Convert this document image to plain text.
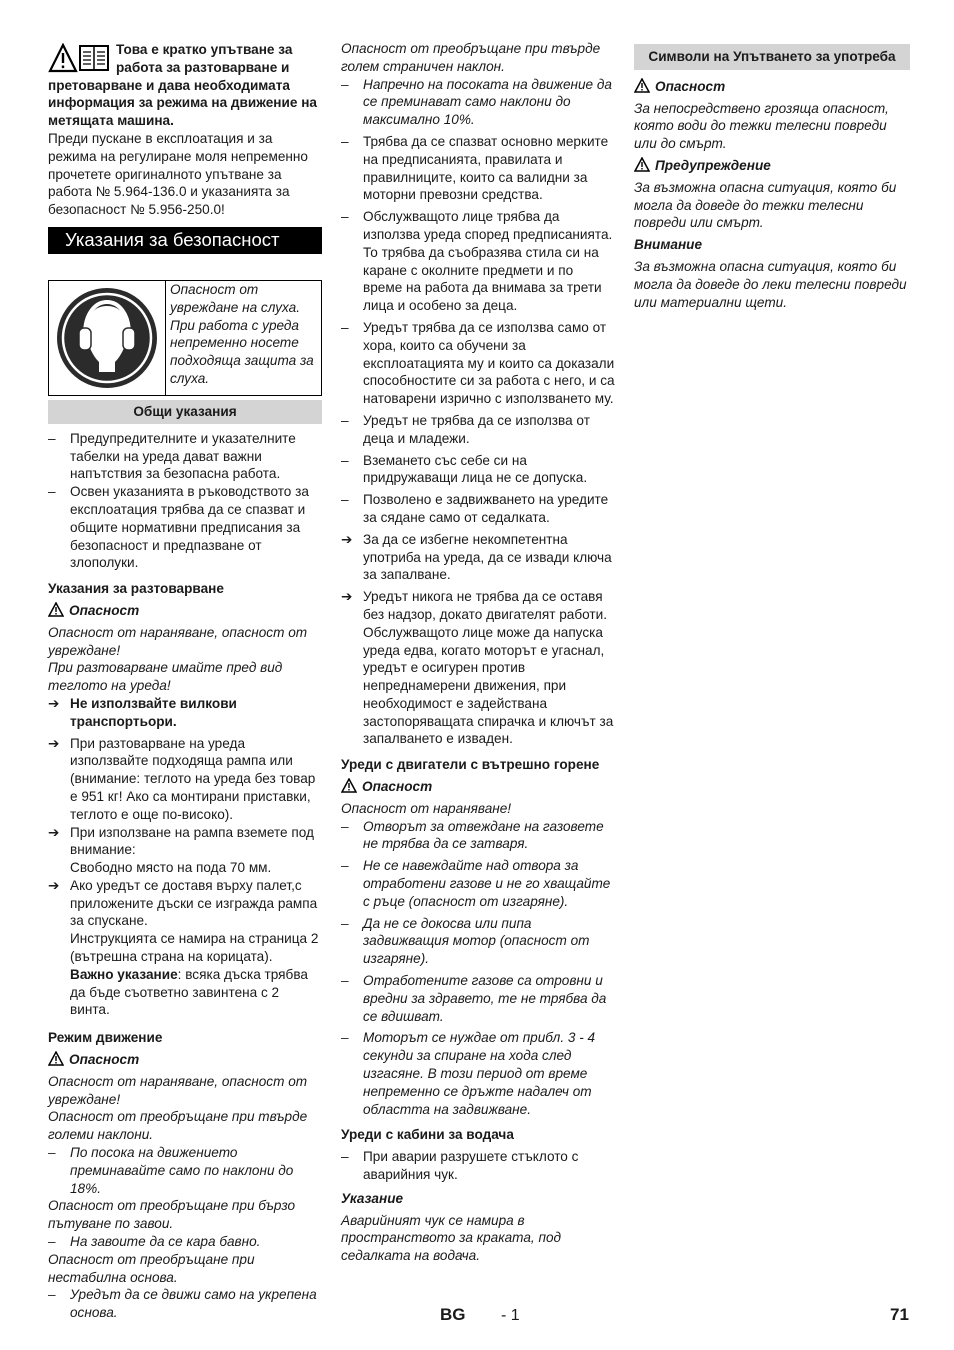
Това е кратко упътване за работа за разтоварване и претоварване и дава необходимата информация за режима на движение на метящата машина.

Преди пускане в експлоатация и за режима на регулиране моля непременно прочетете оригиналното упътване за работа № 5.964-136.0 и указанията за безопасност № 5.956-250.0!

Указания за безопасност

Опасност от увреждане на слуха. При работа с уреда непременно носете подходяща защита за слуха.

Общи указания
– Предупредителните и указателните табелки на уреда дават важни напътствия за безопасна работа.
– Освен указанията в ръководството за експлоатация трябва да се спазват и общите нормативни предписания за безопасност и предпазване от злополуки.

Указания за разтоварване

Опасност

Опасност от нараняване, опасност от увреждане!

При разтоварване имайте пред вид теглото на уреда!

➔ Не използвайте вилкови транспортьори.
➔ При разтоварване на уреда използвайте подходяща рампа или (внимание: теглото на уреда без товар е 951 кг! Ако са монтирани приставки, теглото е още по-високо).
➔ При използване на рампа вземете под внимание:
Свободно място на пода 70 мм.
➔ Ако уредът се доставя върху палет,с приложените дъски се изгражда рампа за спускане.
Инструкцията се намира на страница 2 (вътрешна страна на корицата).
Важно указание: всяка дъска трябва да бъде съответно завинтена с 2 винта.

Режим движение

Опасност

Опасност от нараняване, опасност от увреждане!

Опасност от преобръщане при твърде големи наклони.

– По посока на движението преминавайте само по наклони до 18%.

Опасност от преобръщане при бързо пътуване по завои.

– На завоите да се кара бавно.

Опасност от преобръщане при нестабилна основа.

– Уредът да се движи само на укрепена основа.

Опасност от преобръщане при твърде голем страничен наклон.

– Напречно на посоката на движение да се преминават само наклони до максимално 10%.
– Трябва да се спазват основно мерките на предписанията, правилата и правилниците, които са валидни за моторни превозни средства.
– Обслужващото лице трябва да използва уреда според предписанията. То трябва да съобразява стила си на каране с околните предмети и по време на работа да внимава за трети лица и особено за деца.
– Уредът трябва да се използва само от хора, които са обучени за експлоатацията му и които са доказали способностите си за работа с него, и са натоварени изрично с използването му.
– Уредът не трябва да се използва от деца и младежи.
– Вземането със себе си на придружаващи лица не се допуска.
– Позволено е задвижването на уредите за сядане само от седалката.
➔ За да се избегне некомпетентна употриба на уреда, да се извади ключа за запалване.
➔ Уредът никога не трябва да се оставя без надзор, докато двигателят работи. Обслужващото лице може да напуска уреда едва, когато моторът е угаснал, уредът е осигурен против непреднамерени движения, при необходимост е задействана застопоряващата спирачка и ключът за запалването е изваден.

Уреди с двигатели с вътрешно горене

Опасност

Опасност от нараняване!

– Отворът за отвеждане на газовете не трябва да се затваря.
– Не се навеждайте над отвора за отработени газове и не го хващайте с ръце (опасност от изгаряне).
– Да не се докосва или пипа задвижващия мотор (опасност от изгаряне).
– Отработените газове са отровни и вредни за здравето, те не трябва да се вдишват.
– Моторът се нуждае от прибл. 3 - 4 секунди за спиране на хода след изгасяне. В този период от време непременно се дръжте надалеч от областта на задвижване.

Уреди с кабини за водача

– При аварии разрушете стъклото с аварийния чук.

Указание

Аварийният чук се намира в пространството за краката, под седалката на водача.

Символи на Упътването за употреба

Опасност

За непосредствено грозяща опасност, която води до тежки телесни повреди или до смърт.

Предупреждение

За възможна опасна ситуация, която би могла да доведе до тежки телесни повреди или смърт.

Внимание

За възможна опасна ситуация, която би могла да доведе до леки телесни повреди или материални щети.

BG - 1	71
